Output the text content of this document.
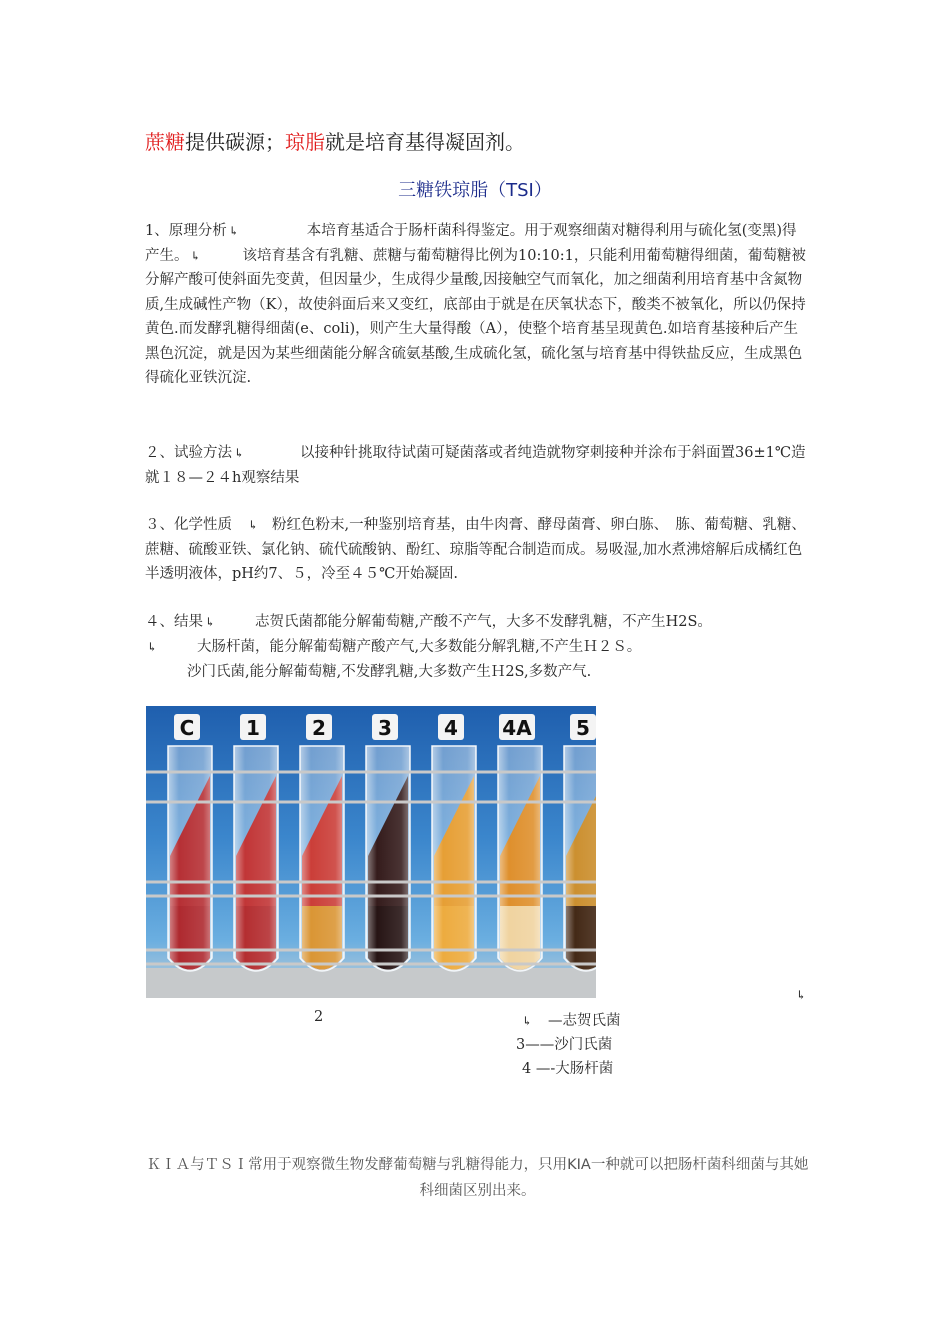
蔗糖提供碳源；琼脂就是培育基得凝固剂。
三糖铁琼脂（TSI）
1、原理分析 ↳	本培育基适合于肠杆菌科得鉴定。用于观察细菌对糖得利用与硫化氢(变黑)得产生。 ↳	该培育基含有乳糖、蔗糖与葡萄糖得比例为10:10:1，只能利用葡萄糖得细菌，葡萄糖被分解产酸可使斜面先变黄，但因量少，生成得少量酸,因接触空气而氧化，加之细菌利用培育基中含氮物质,生成碱性产物（K），故使斜面后来又变红，底部由于就是在厌氧状态下，酸类不被氧化，所以仍保持黄色.而发酵乳糖得细菌(e、coli)，则产生大量得酸（A），使整个培育基呈现黄色.如培育基接种后产生黑色沉淀，就是因为某些细菌能分解含硫氨基酸,生成硫化氢，硫化氢与培育基中得铁盐反应，生成黑色得硫化亚铁沉淀.
２、试验方法 ↳	以接种针挑取待试菌可疑菌落或者纯造就物穿刺接种并涂布于斜面置36±1℃造就１８—２４h观察结果
３、化学性质 ↳ 粉红色粉末,一种鉴别培育基，由牛肉膏、酵母菌膏、卵白胨、　胨、葡萄糖、乳糖、蔗糖、硫酸亚铁、氯化钠、硫代硫酸钠、酚红、琼脂等配合制造而成。易吸湿,加水煮沸熔解后成橘红色半透明液体，pH约7、５，冷至４５℃开始凝固.
４、结果 ↳	志贺氏菌都能分解葡萄糖,产酸不产气，大多不发酵乳糖，不产生H2S。
↳	大肠杆菌，能分解葡萄糖产酸产气,大多数能分解乳糖,不产生Ｈ２Ｓ。
沙门氏菌,能分解葡萄糖,不发酵乳糖,大多数产生Ｈ2S,多数产气.
C	1	2	3	4 4A 5
2	↳ —志贺氏菌
3——沙门氏菌
4 —-大肠杆菌
↳
ＫＩＡ与ＴＳＩ常用于观察微生物发酵葡萄糖与乳糖得能力，只用KIA一种就可以把肠杆菌科细菌与其她科细菌区别出来。
